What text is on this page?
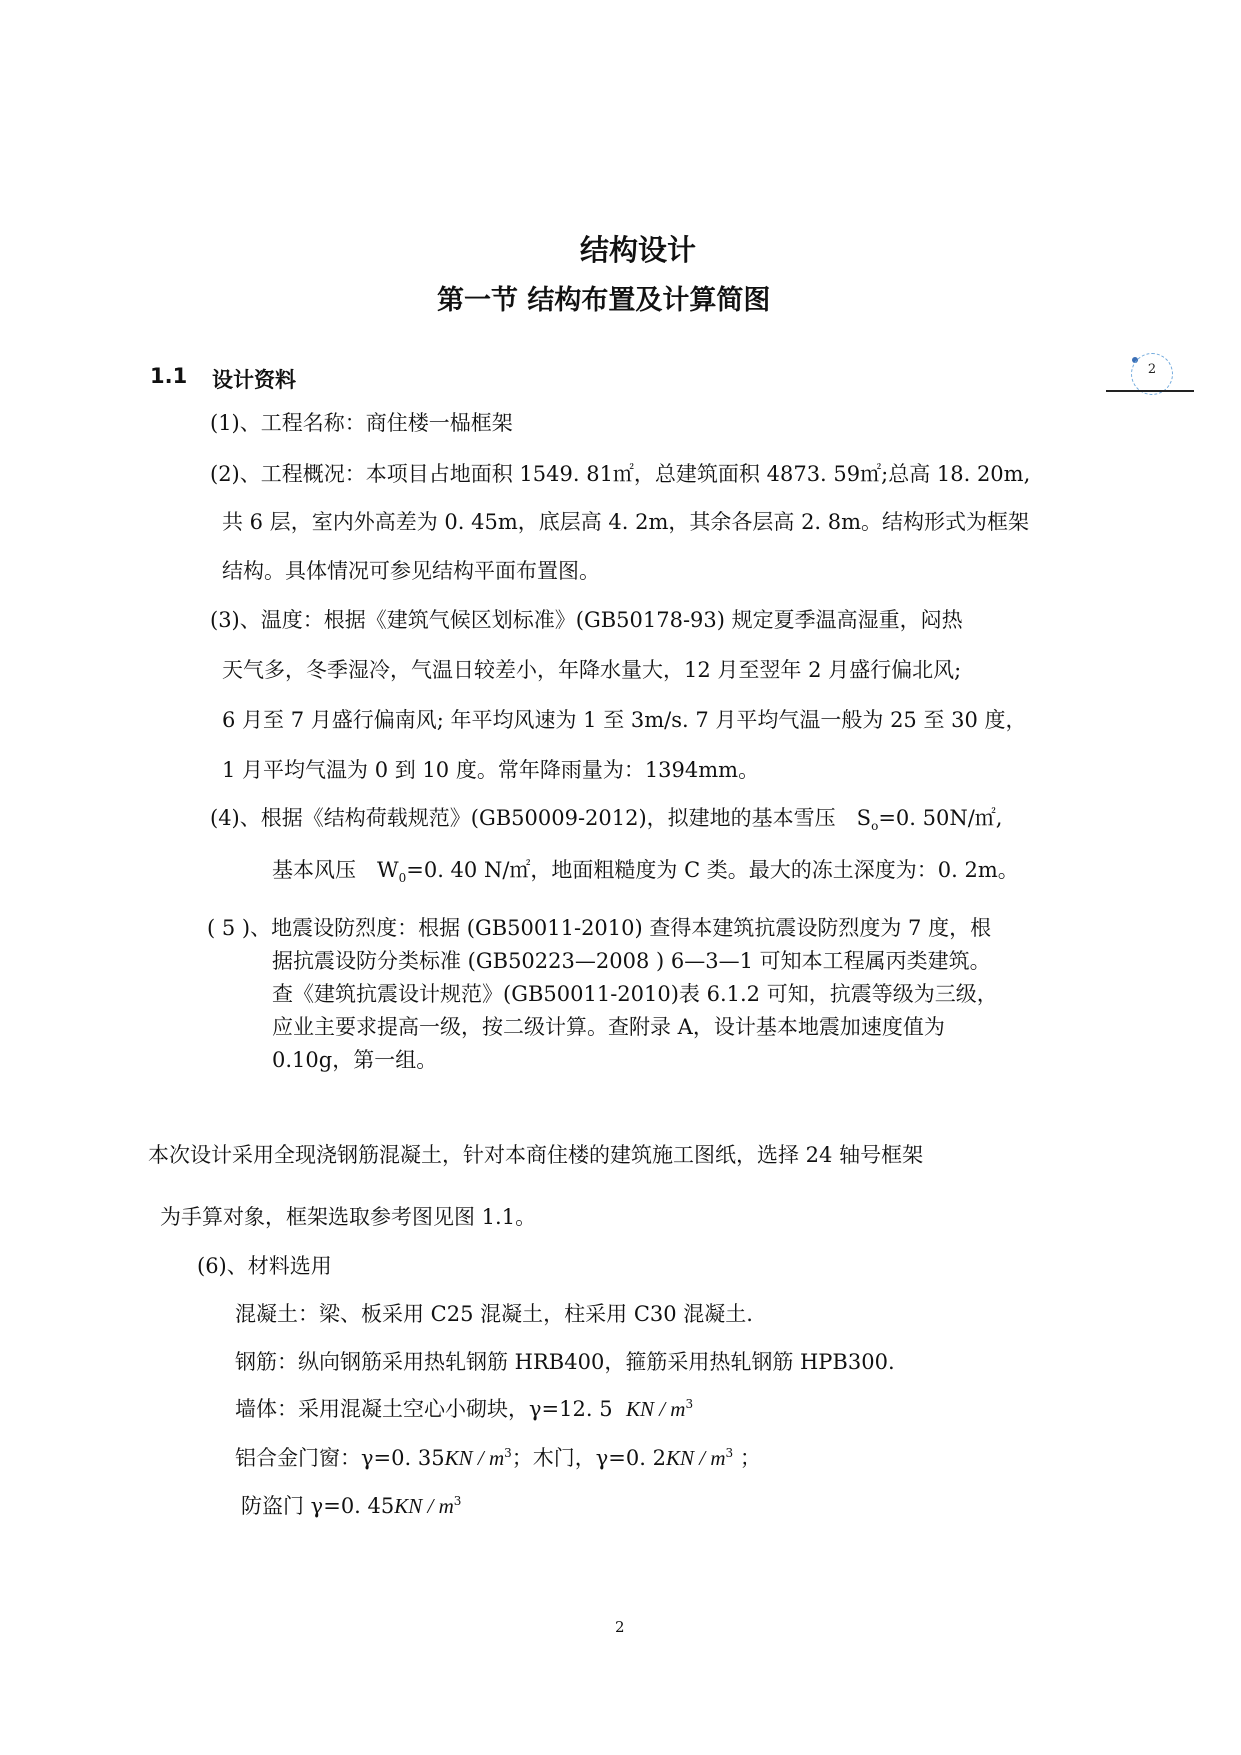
结构设计
第一节 结构布置及计算简图
1.1 设计资料	2
(1)、工程名称：商住楼一榀框架
(2)、工程概况：本项目占地面积 1549. 81㎡，总建筑面积 4873. 59㎡;总高 18. 20m,
共 6 层，室内外高差为 0. 45m，底层高 4. 2m，其余各层高 2. 8m。结构形式为框架
结构。具体情况可参见结构平面布置图。
(3)、温度：根据《建筑气候区划标准》(GB50178-93) 规定夏季温高湿重，闷热
天气多，冬季湿冷，气温日较差小，年降水量大，12 月至翌年 2 月盛行偏北风;
6 月至 7 月盛行偏南风; 年平均风速为 1 至 3m/s. 7 月平均气温一般为 25 至 30 度，
1 月平均气温为 0 到 10 度。常年降雨量为：1394mm。
(4)、根据《结构荷载规范》(GB50009-2012)，拟建地的基本雪压　$S_o=0$. 50N/㎡,
基本风压　$W_0=0$. 40 N/㎡，地面粗糙度为 C 类。最大的冻土深度为：0. 2m。
( 5 )、地震设防烈度：根据 (GB50011-2010) 查得本建筑抗震设防烈度为 7 度，根
据抗震设防分类标准 (GB50223—2008 ) 6—3—1 可知本工程属丙类建筑。
查《建筑抗震设计规范》(GB50011-2010)表 6.1.2 可知，抗震等级为三级，
应业主要求提高一级，按二级计算。查附录 A，设计基本地震加速度值为
0.10g，第一组。
本次设计采用全现浇钢筋混凝土，针对本商住楼的建筑施工图纸，选择 24 轴号框架
为手算对象，框架选取参考图见图 1.1。
(6)、材料选用
混凝土：梁、板采用 C25 混凝土，柱采用 C30 混凝土.
钢筋：纵向钢筋采用热轧钢筋 HRB400，箍筋采用热轧钢筋 HPB300.
墙体：采用混凝土空心小砌块，γ=12. 5 KN / $m^3$
铝合金门窗：γ=0. $35KN / m^3$；木门，γ=0. $2KN / m^3$ ；
防盗门 γ=0. $45KN / m^3$
2
